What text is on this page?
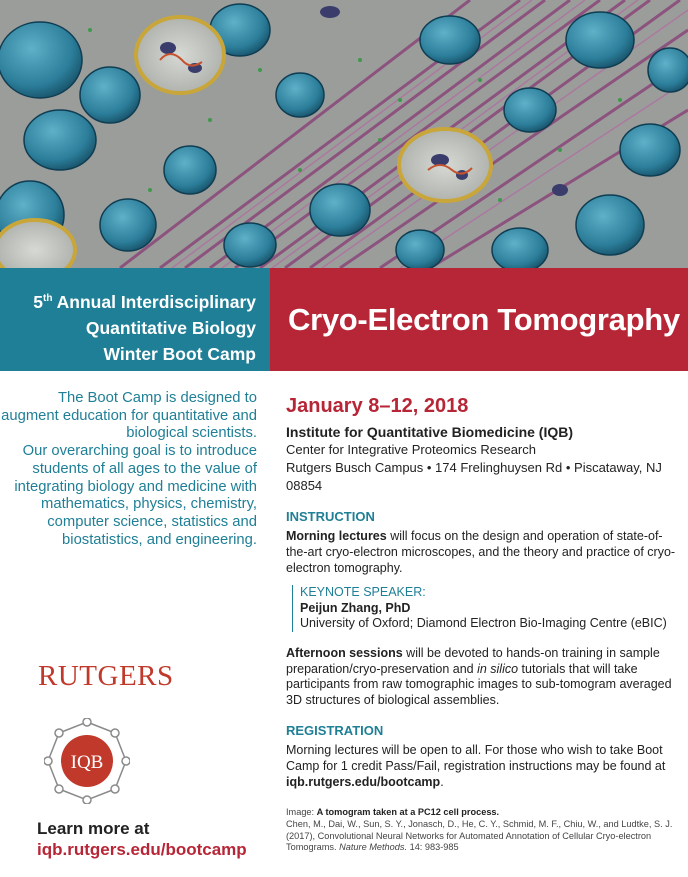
5th Annual Interdisciplinary
Quantitative Biology
Winter Boot Camp
Cryo-Electron Tomography
The Boot Camp is designed to augment education for quantitative and biological scientists.
Our overarching goal is to introduce students of all ages to the value of integrating biology and medicine with mathematics, physics, chemistry, computer science, statistics and biostatistics, and engineering.
RUTGERS
IQB
Learn more at
iqb.rutgers.edu/bootcamp
January 8–12, 2018
Institute for Quantitative Biomedicine (IQB)
Center for Integrative Proteomics Research
Rutgers Busch Campus • 174 Frelinghuysen Rd • Piscataway, NJ 08854
INSTRUCTION
Morning lectures will focus on the design and operation of state-of-the-art cryo-electron microscopes, and the theory and practice of cryo-electron tomography.
KEYNOTE SPEAKER:
Peijun Zhang, PhD
University of Oxford; Diamond Electron Bio-Imaging Centre (eBIC)
Afternoon sessions will be devoted to hands-on training in sample preparation/cryo-preservation and in silico tutorials that will take participants from raw tomographic images to sub-tomogram averaged 3D structures of biological assemblies.
REGISTRATION
Morning lectures will be open to all. For those who wish to take Boot Camp for 1 credit Pass/Fail, registration instructions may be found at iqb.rutgers.edu/bootcamp.
Image: A tomogram taken at a PC12 cell process.
Chen, M., Dai, W., Sun, S. Y., Jonasch, D., He, C. Y., Schmid, M. F., Chiu, W., and Ludtke, S. J. (2017), Convolutional Neural Networks for Automated Annotation of Cellular Cryo-electron Tomograms. Nature Methods. 14: 983-985
